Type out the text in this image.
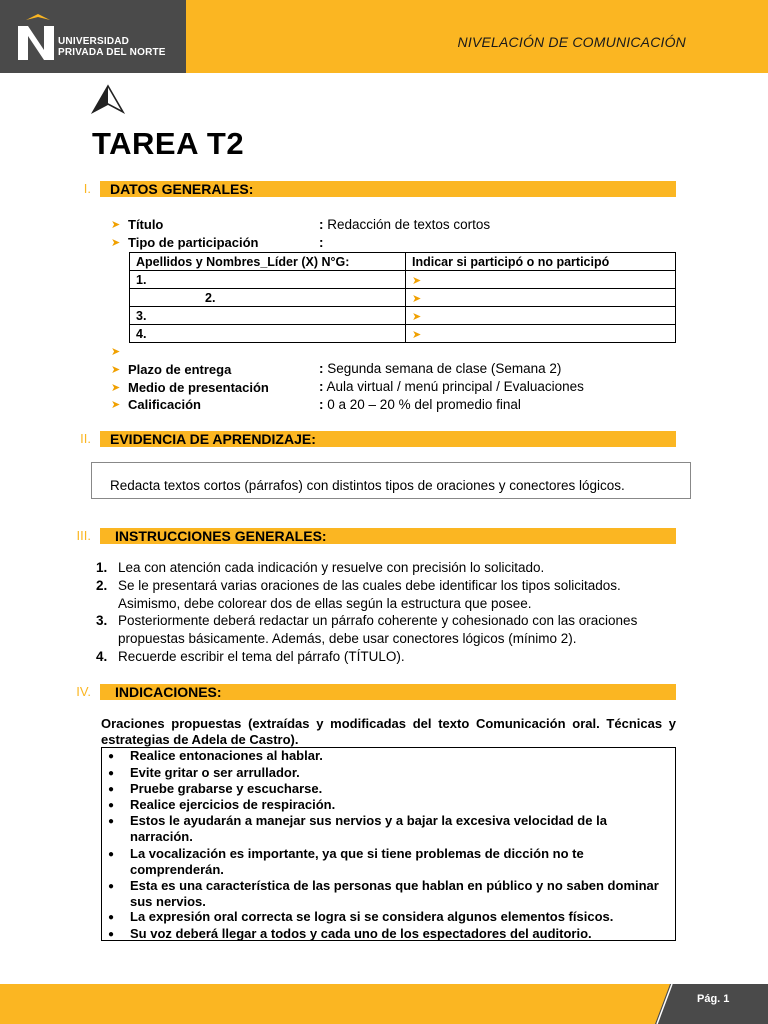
UNIVERSIDAD
PRIVADA DEL NORTE
NIVELACIÓN DE COMUNICACIÓN
TAREA T2
I.	DATOS GENERALES:
➤ Título	: Redacción de textos cortos
➤ Tipo de participación	:
Apellidos y Nombres_Líder (X) N°G:	Indicar si participó o no participó
1.	➤
2.	➤
3.	➤
4.	➤
➤
➤ Plazo de entrega	: Segunda semana de clase (Semana 2)
➤ Medio de presentación	: Aula virtual / menú principal / Evaluaciones
➤ Calificación	: 0 a 20 – 20 % del promedio final
II.	EVIDENCIA DE APRENDIZAJE:
Redacta textos cortos (párrafos) con distintos tipos de oraciones y conectores lógicos.
III.	INSTRUCCIONES GENERALES:
1. Lea con atención cada indicación y resuelve con precisión lo solicitado.
2. Se le presentará varias oraciones de las cuales debe identificar los tipos solicitados.
Asimismo, debe colorear dos de ellas según la estructura que posee.
3. Posteriormente deberá redactar un párrafo coherente y cohesionado con las oraciones
propuestas básicamente. Además, debe usar conectores lógicos (mínimo 2).
4. Recuerde escribir el tema del párrafo (TÍTULO).
IV.	INDICACIONES:
Oraciones propuestas (extraídas y modificadas del texto Comunicación oral. Técnicas y estrategias de Adela de Castro).
● Realice entonaciones al hablar.
● Evite gritar o ser arrullador.
● Pruebe grabarse y escucharse.
● Realice ejercicios de respiración.
● Estos le ayudarán a manejar sus nervios y a bajar la excesiva velocidad de la narración.
● La vocalización es importante, ya que si tiene problemas de dicción no te comprenderán.
● Esta es una característica de las personas que hablan en público y no saben dominar sus nervios.
● La expresión oral correcta se logra si se considera algunos elementos físicos.
● Su voz deberá llegar a todos y cada uno de los espectadores del auditorio.
Pág. 1
